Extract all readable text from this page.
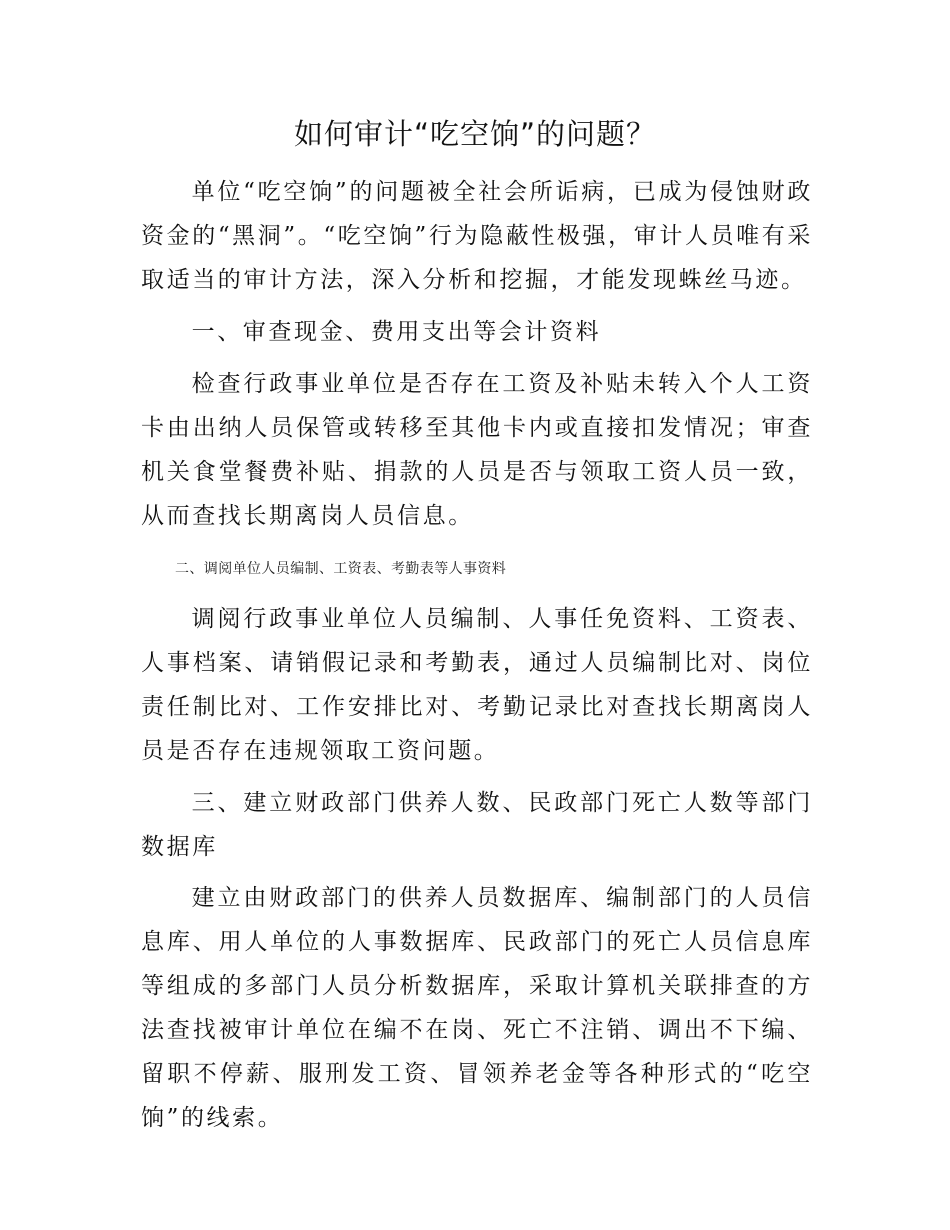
如何审计“吃空饷”的问题？

单位“吃空饷”的问题被全社会所诟病，已成为侵蚀财政资金的“黑洞”。“吃空饷”行为隐蔽性极强，审计人员唯有采取适当的审计方法，深入分析和挖掘，才能发现蛛丝马迹。

一、审查现金、费用支出等会计资料

检查行政事业单位是否存在工资及补贴未转入个人工资卡由出纳人员保管或转移至其他卡内或直接扣发情况；审查机关食堂餐费补贴、捐款的人员是否与领取工资人员一致，从而查找长期离岗人员信息。

二、调阅单位人员编制、工资表、考勤表等人事资料

调阅行政事业单位人员编制、人事任免资料、工资表、人事档案、请销假记录和考勤表，通过人员编制比对、岗位责任制比对、工作安排比对、考勤记录比对查找长期离岗人员是否存在违规领取工资问题。

三、建立财政部门供养人数、民政部门死亡人数等部门数据库

建立由财政部门的供养人员数据库、编制部门的人员信息库、用人单位的人事数据库、民政部门的死亡人员信息库等组成的多部门人员分析数据库，采取计算机关联排查的方法查找被审计单位在编不在岗、死亡不注销、调出不下编、留职不停薪、服刑发工资、冒领养老金等各种形式的“吃空饷”的线索。
